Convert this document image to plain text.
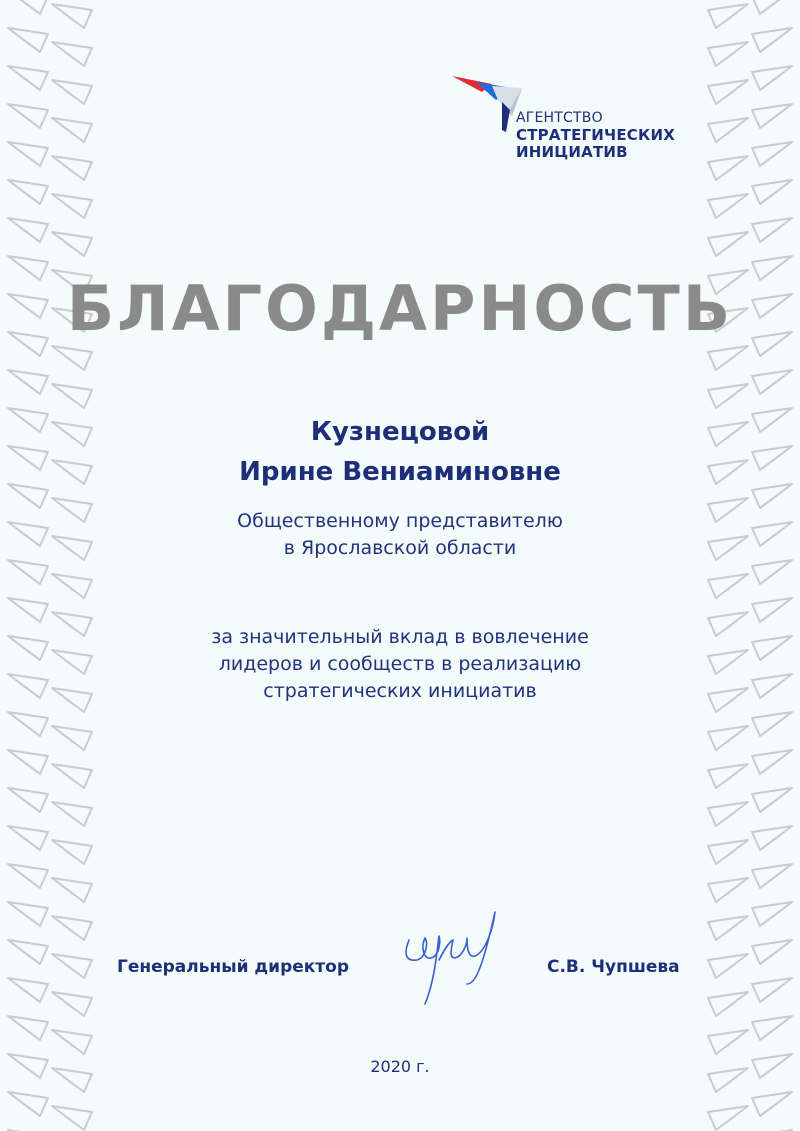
АГЕНТСТВО
СТРАТЕГИЧЕСКИХ
ИНИЦИАТИВ
БЛАГОДАРНОСТЬ
Кузнецовой
Ирине Вениаминовне
Общественному представителю
в Ярославской области
за значительный вклад в вовлечение
лидеров и сообществ в реализацию
стратегических инициатив
Генеральный директор	С.В. Чупшева
2020 г.
